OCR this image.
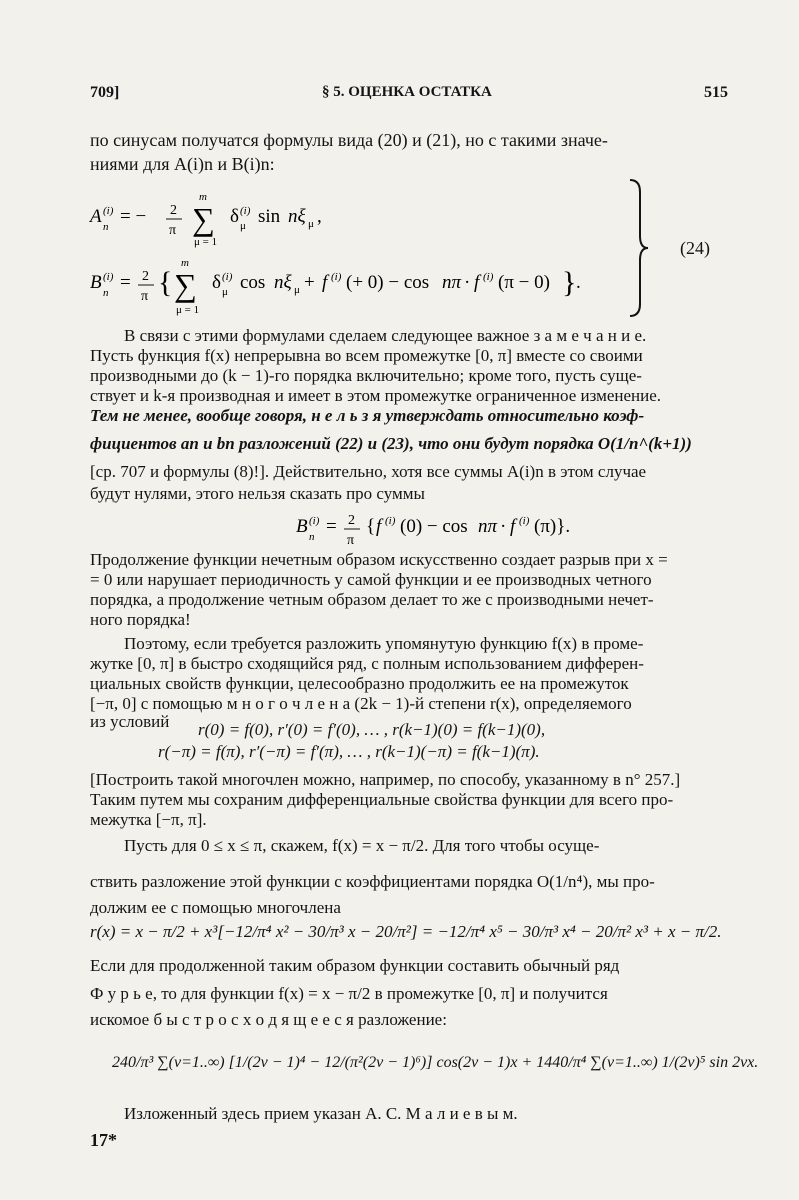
709]	§ 5. ОЦЕНКА ОСТАТКА	515
по синусам получатся формулы вида (20) и (21), но с такими значе-
ниями для A(i)n и B(i)n:
A (i)
n = − 2
π ∑
m
μ = 1
δ (i)
μ sin nξ μ ,
B (i)
n = 2
π { ∑
m
μ = 1
δ (i)
μ cos nξ μ + f (i) (+ 0) − cos nπ · f (i) (π − 0) } .
(24)
В связи с этими формулами сделаем следующее важное з а м е ч а н и е.
Пусть функция f(x) непрерывна во всем промежутке [0, π] вместе со своими
производными до (k − 1)-го порядка включительно; кроме того, пусть суще-
ствует и k-я производная и имеет в этом промежутке ограниченное изменение.
Тем не менее, вообще говоря, н е л ь з я утверждать относительно коэф-
фициентов an и bn разложений (22) и (23), что они будут порядка O(1/n^(k+1))
[ср. 707 и формулы (8)!]. Действительно, хотя все суммы A(i)n в этом случае
будут нулями, этого нельзя сказать про суммы
B (i)
n = 2
π
{ f (i) (0) − cos nπ · f (i) (π)}.
Продолжение функции нечетным образом искусственно создает разрыв при x =
= 0 или нарушает периодичность у самой функции и ее производных четного
порядка, а продолжение четным образом делает то же с производными нечет-
ного порядка!
Поэтому, если требуется разложить упомянутую функцию f(x) в проме-
жутке [0, π] в быстро сходящийся ряд, с полным использованием дифферен-
циальных свойств функции, целесообразно продолжить ее на промежуток
[−π, 0] с помощью м н о г о ч л е н а (2k − 1)-й степени r(x), определяемого
из условий r(0) = f(0), r′(0) = f′(0), … , r(k−1)(0) = f(k−1)(0),
r(−π) = f(π), r′(−π) = f′(π), … , r(k−1)(−π) = f(k−1)(π).
[Построить такой многочлен можно, например, по способу, указанному в n° 257.]
Таким путем мы сохраним дифференциальные свойства функции для всего про-
межутка [−π, π].
Пусть для 0 ≤ x ≤ π, скажем, f(x) = x − π/2. Для того чтобы осуще-
ствить разложение этой функции с коэффициентами порядка O(1/n⁴), мы про-
должим ее с помощью многочлена
r(x) = x − π/2 + x³[−12/π⁴ x² − 30/π³ x − 20/π²] = −12/π⁴ x⁵ − 30/π³ x⁴ − 20/π² x³ + x − π/2.
Если для продолженной таким образом функции составить обычный ряд
Ф у р ь е, то для функции f(x) = x − π/2 в промежутке [0, π] и получится
искомое б ы с т р о с х о д я щ е е с я разложение:
240/π³ ∑(ν=1..∞) [1/(2ν − 1)⁴ − 12/(π²(2ν − 1)⁶)] cos(2ν − 1)x + 1440/π⁴ ∑(ν=1..∞) 1/(2ν)⁵ sin 2νx.
Изложенный здесь прием указан А. С. М а л и е в ы м.
17*
